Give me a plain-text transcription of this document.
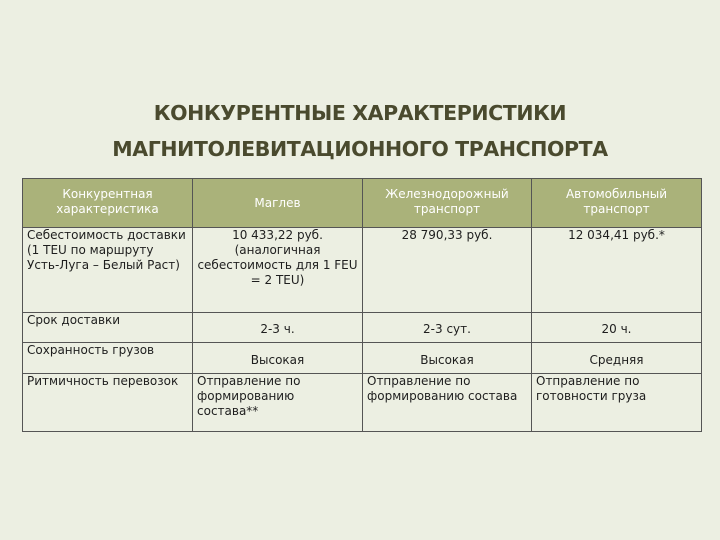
КОНКУРЕНТНЫЕ ХАРАКТЕРИСТИКИ
МАГНИТОЛЕВИТАЦИОННОГО ТРАНСПОРТА
Конкурентная характеристика	Маглев	Железнодорожный транспорт	Автомобильный транспорт
Себестоимость доставки (1 TEU по маршруту Усть-Луга – Белый Раст)	10 433,22 руб. (аналогичная себестоимость для 1 FEU = 2 TEU)	28 790,33 руб.	12 034,41 руб.*
Срок доставки	2-3 ч.	2-3 сут.	20 ч.
Сохранность грузов	Высокая	Высокая	Средняя
Ритмичность перевозок	Отправление по формированию состава**	Отправление по формированию состава	Отправление по готовности груза
